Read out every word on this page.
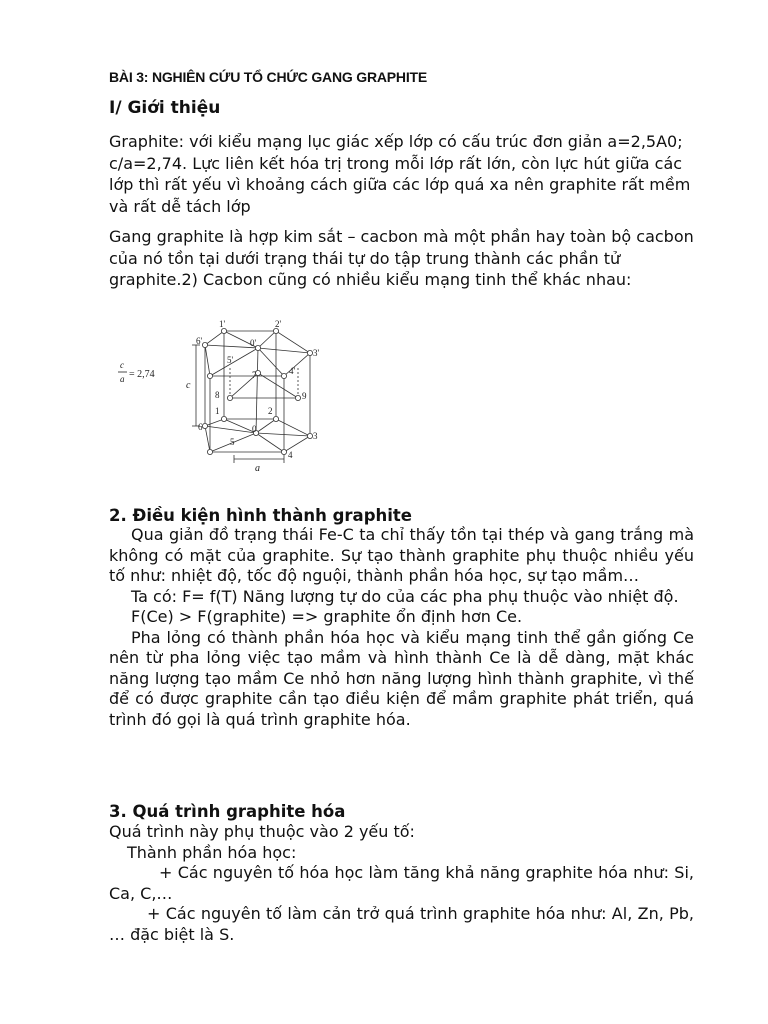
BÀI 3: NGHIÊN CỨU TỔ CHỨC GANG GRAPHITE
I/ Giới thiệu

Graphite: với kiểu mạng lục giác xếp lớp có cấu trúc đơn giản a=2,5A0; c/a=2,74. Lực liên kết hóa trị trong mỗi lớp rất lớn, còn lực hút giữa các lớp thì rất yếu vì khoảng cách giữa các lớp quá xa nên graphite rất mềm và rất dễ tách lớp

Gang graphite là hợp kim sắt – cacbon mà một phần hay toàn bộ cacbon của nó tồn tại dưới trạng thái tự do tập trung thành các phần tử graphite.2) Cacbon cũng có nhiều kiểu mạng tinh thể khác nhau:

c
a = 2,74
1'	2'
6'	0'
3'
5'
4'
7
8	9
1	2
6	0
3
5
4
c
a
2. Điều kiện hình thành graphite

Qua giản đồ trạng thái Fe-C ta chỉ thấy tồn tại thép và gang trắng mà không có mặt của graphite. Sự tạo thành graphite phụ thuộc nhiều yếu tố như: nhiệt độ, tốc độ nguội, thành phần hóa học, sự tạo mầm…

Ta có: F= f(T) Năng lượng tự do của các pha phụ thuộc vào nhiệt độ.

F(Ce) > F(graphite) => graphite ổn định hơn Ce.

Pha lỏng có thành phần hóa học và kiểu mạng tinh thể gần giống Ce nên từ pha lỏng việc tạo mầm và hình thành Ce là dễ dàng, mặt khác năng lượng tạo mầm Ce nhỏ hơn năng lượng hình thành graphite, vì thế để có được graphite cần tạo điều kiện để mầm graphite phát triển, quá trình đó gọi là quá trình graphite hóa.

3. Quá trình graphite hóa

Quá trình này phụ thuộc vào 2 yếu tố:

Thành phần hóa học:

+ Các nguyên tố hóa học làm tăng khả năng graphite hóa như: Si, Ca, C,…

+ Các nguyên tố làm cản trở quá trình graphite hóa như: Al, Zn, Pb, … đặc biệt là S.
